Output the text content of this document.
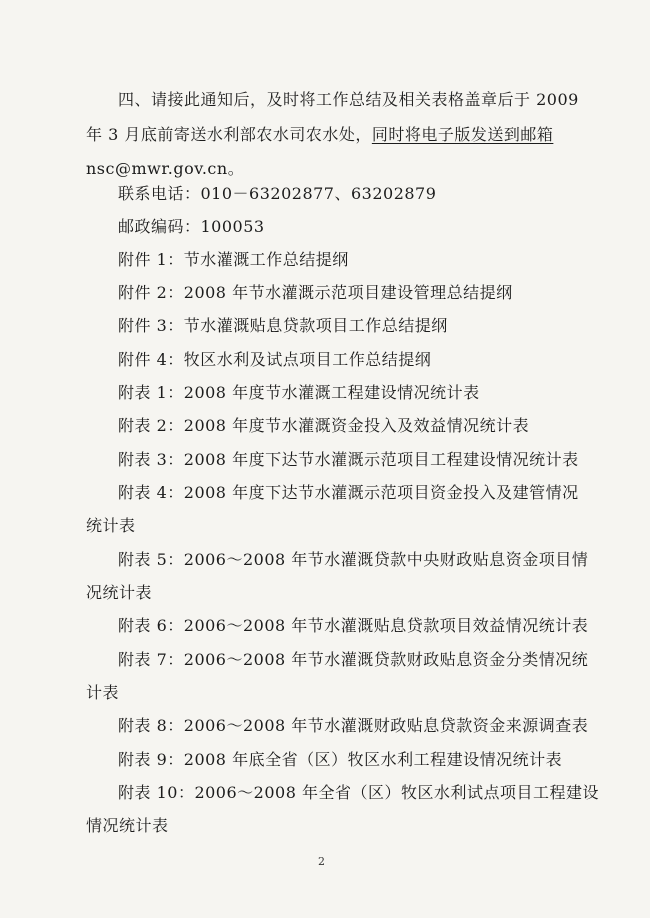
四、请接此通知后，及时将工作总结及相关表格盖章后于 2009
年 3 月底前寄送水利部农水司农水处，同时将电子版发送到邮箱
nsc@mwr.gov.cn。
联系电话：010－63202877、63202879
邮政编码：100053
附件 1：节水灌溉工作总结提纲
附件 2：2008 年节水灌溉示范项目建设管理总结提纲
附件 3：节水灌溉贴息贷款项目工作总结提纲
附件 4：牧区水利及试点项目工作总结提纲
附表 1：2008 年度节水灌溉工程建设情况统计表
附表 2：2008 年度节水灌溉资金投入及效益情况统计表
附表 3：2008 年度下达节水灌溉示范项目工程建设情况统计表
附表 4：2008 年度下达节水灌溉示范项目资金投入及建管情况
统计表
附表 5：2006～2008 年节水灌溉贷款中央财政贴息资金项目情
况统计表
附表 6：2006～2008 年节水灌溉贴息贷款项目效益情况统计表
附表 7：2006～2008 年节水灌溉贷款财政贴息资金分类情况统
计表
附表 8：2006～2008 年节水灌溉财政贴息贷款资金来源调查表
附表 9：2008 年底全省（区）牧区水利工程建设情况统计表
附表 10：2006～2008 年全省（区）牧区水利试点项目工程建设
情况统计表
2
